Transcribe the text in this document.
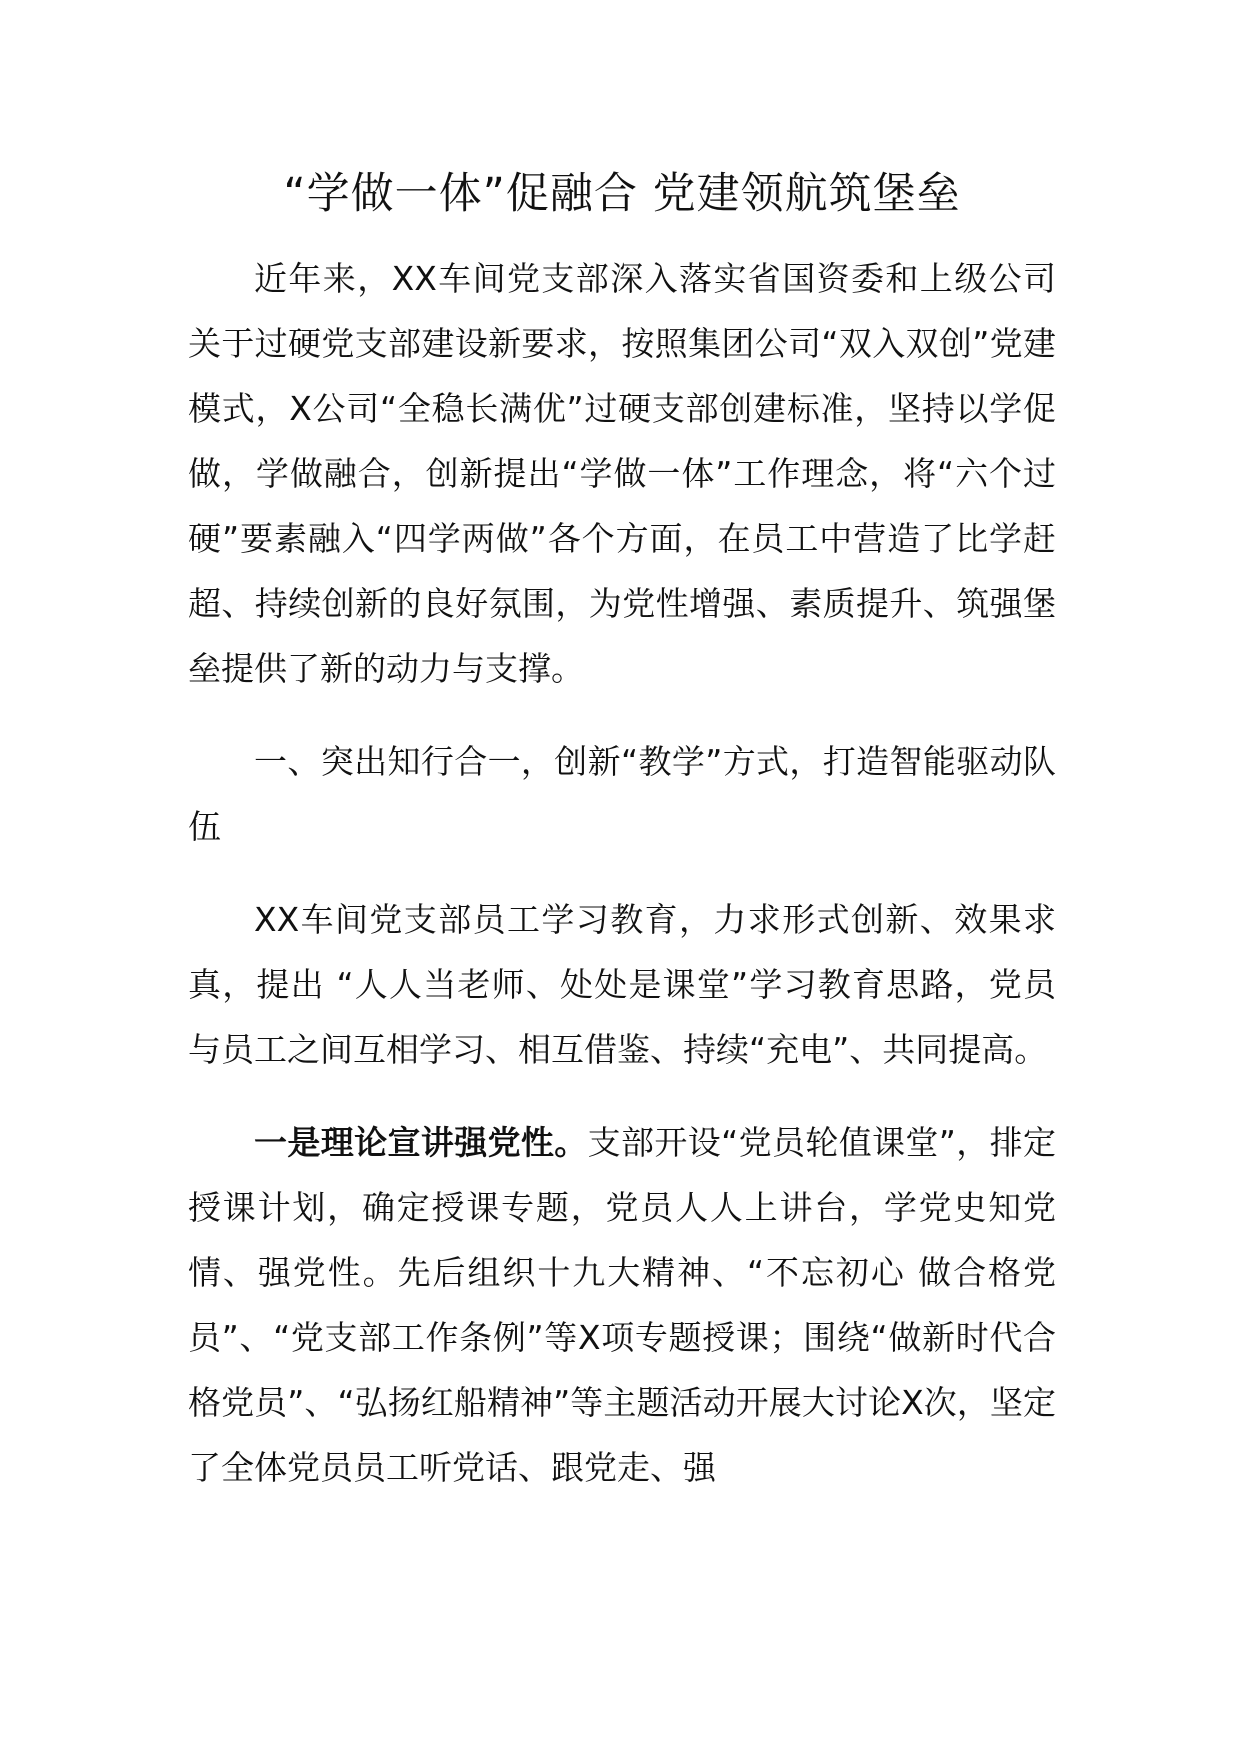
“学做一体”促融合 党建领航筑堡垒

近年来，XX车间党支部深入落实省国资委和上级公司关于过硬党支部建设新要求，按照集团公司“双入双创”党建模式，X公司“全稳长满优”过硬支部创建标准，坚持以学促做，学做融合，创新提出“学做一体”工作理念，将“六个过硬”要素融入“四学两做”各个方面，在员工中营造了比学赶超、持续创新的良好氛围，为党性增强、素质提升、筑强堡垒提供了新的动力与支撑。

一、突出知行合一，创新“教学”方式，打造智能驱动队伍

XX车间党支部员工学习教育，力求形式创新、效果求真，提出 “人人当老师、处处是课堂”学习教育思路，党员与员工之间互相学习、相互借鉴、持续“充电”、共同提高。

一是理论宣讲强党性。支部开设“党员轮值课堂”，排定授课计划，确定授课专题，党员人人上讲台，学党史知党情、强党性。先后组织十九大精神、“不忘初心 做合格党员”、“党支部工作条例”等X项专题授课；围绕“做新时代合格党员”、“弘扬红船精神”等主题活动开展大讨论X次，坚定了全体党员员工听党话、跟党走、强
